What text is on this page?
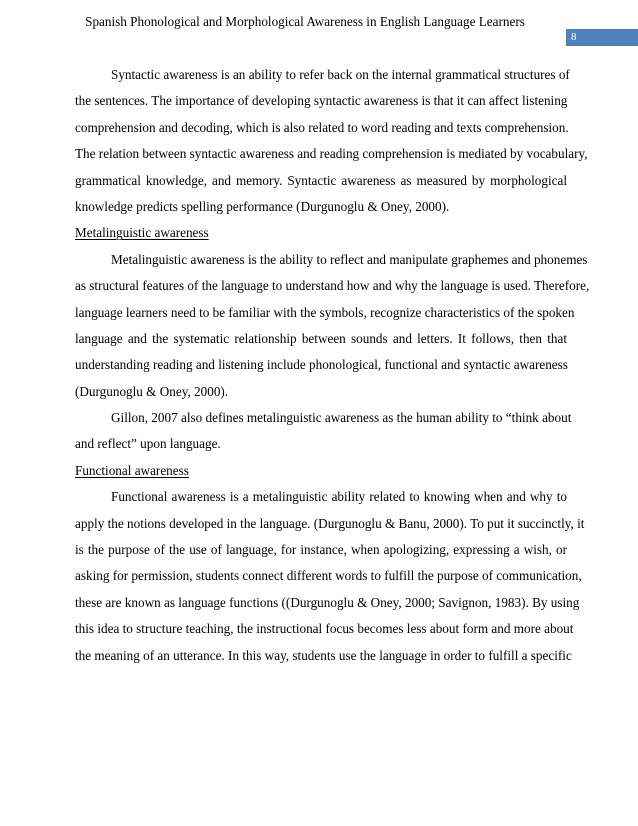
Spanish Phonological and Morphological Awareness in English Language Learners
8
Syntactic awareness is an ability to refer back on the internal grammatical structures of
the sentences. The importance of developing syntactic awareness is that it can affect listening
comprehension and decoding, which is also related to word reading and texts comprehension.
The relation between syntactic awareness and reading comprehension is mediated by vocabulary,
grammatical knowledge, and memory. Syntactic awareness as measured by morphological
knowledge predicts spelling performance (Durgunoglu & Oney, 2000).
Metalinguistic awareness
Metalinguistic awareness is the ability to reflect and manipulate graphemes and phonemes
as structural features of the language to understand how and why the language is used. Therefore,
language learners need to be familiar with the symbols, recognize characteristics of the spoken
language and the systematic relationship between sounds and letters. It follows, then that
understanding reading and listening include phonological, functional and syntactic awareness
(Durgunoglu & Oney, 2000).
Gillon, 2007 also defines metalinguistic awareness as the human ability to “think about
and reflect” upon language.
Functional awareness
Functional awareness is a metalinguistic ability related to knowing when and why to
apply the notions developed in the language. (Durgunoglu & Banu, 2000). To put it succinctly, it
is the purpose of the use of language, for instance, when apologizing, expressing a wish, or
asking for permission, students connect different words to fulfill the purpose of communication,
these are known as language functions ((Durgunoglu & Oney, 2000; Savignon, 1983). By using
this idea to structure teaching, the instructional focus becomes less about form and more about
the meaning of an utterance. In this way, students use the language in order to fulfill a specific
